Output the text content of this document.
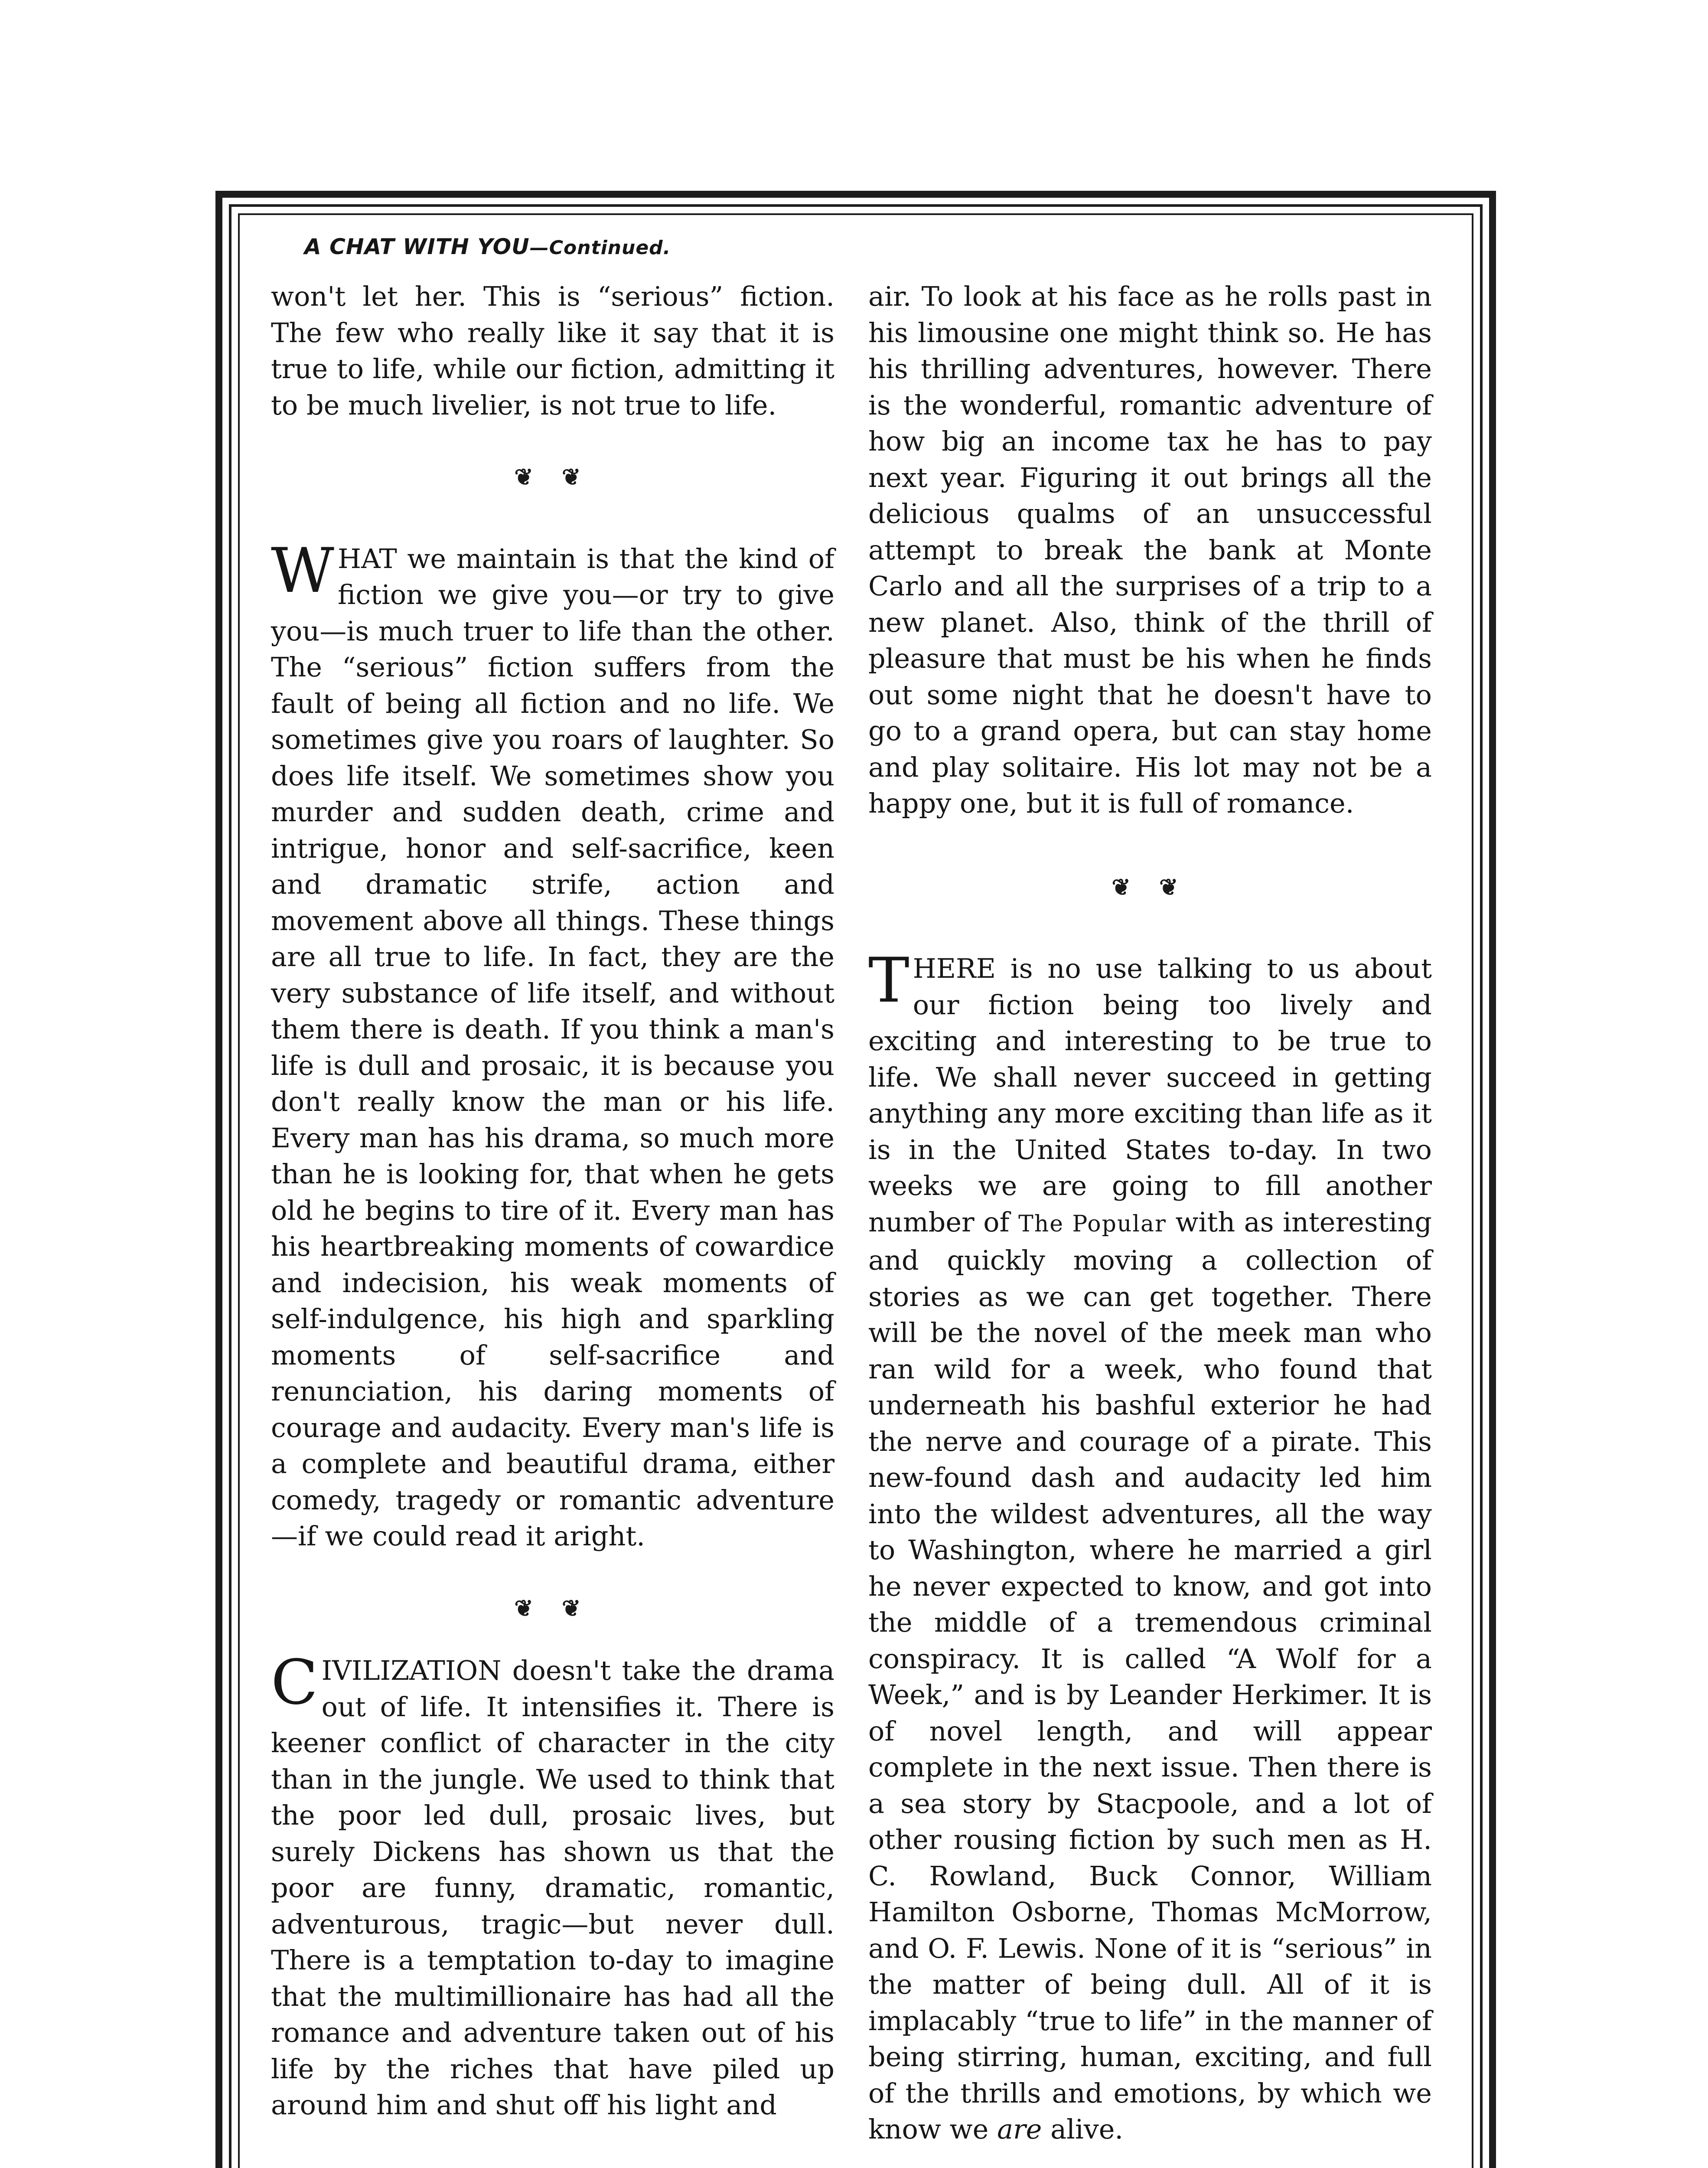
A CHAT WITH YOU—Continued.

won't let her. This is “serious” fiction. The few who really like it say that it is true to life, while our fiction, admitting it to be much livelier, is not true to life.

❦ ❦

WHAT we maintain is that the kind of fiction we give you—or try to give you—is much truer to life than the other. The “serious” fiction suffers from the fault of being all fiction and no life. We sometimes give you roars of laughter. So does life itself. We sometimes show you murder and sudden death, crime and intrigue, honor and self-sacrifice, keen and dramatic strife, action and movement above all things. These things are all true to life. In fact, they are the very substance of life itself, and without them there is death. If you think a man's life is dull and prosaic, it is because you don't really know the man or his life. Every man has his drama, so much more than he is looking for, that when he gets old he begins to tire of it. Every man has his heartbreaking moments of cowardice and indecision, his weak moments of self-indulgence, his high and sparkling moments of self-sacrifice and renunciation, his daring moments of courage and audacity. Every man's life is a complete and beautiful drama, either comedy, tragedy or romantic adventure—if we could read it aright.

❦ ❦

CIVILIZATION doesn't take the drama out of life. It intensifies it. There is keener conflict of character in the city than in the jungle. We used to think that the poor led dull, prosaic lives, but surely Dickens has shown us that the poor are funny, dramatic, romantic, adventurous, tragic—but never dull. There is a temptation to-day to imagine that the multimillionaire has had all the romance and adventure taken out of his life by the riches that have piled up around him and shut off his light and

air. To look at his face as he rolls past in his limousine one might think so. He has his thrilling adventures, however. There is the wonderful, romantic adventure of how big an income tax he has to pay next year. Figuring it out brings all the delicious qualms of an unsuccessful attempt to break the bank at Monte Carlo and all the surprises of a trip to a new planet. Also, think of the thrill of pleasure that must be his when he finds out some night that he doesn't have to go to a grand opera, but can stay home and play solitaire. His lot may not be a happy one, but it is full of romance.

❦ ❦

THERE is no use talking to us about our fiction being too lively and exciting and interesting to be true to life. We shall never succeed in getting anything any more exciting than life as it is in the United States to-day. In two weeks we are going to fill another number of The Popular with as interesting and quickly moving a collection of stories as we can get together. There will be the novel of the meek man who ran wild for a week, who found that underneath his bashful exterior he had the nerve and courage of a pirate. This new-found dash and audacity led him into the wildest adventures, all the way to Washington, where he married a girl he never expected to know, and got into the middle of a tremendous criminal conspiracy. It is called “A Wolf for a Week,” and is by Leander Herkimer. It is of novel length, and will appear complete in the next issue. Then there is a sea story by Stacpoole, and a lot of other rousing fiction by such men as H. C. Rowland, Buck Connor, William Hamilton Osborne, Thomas McMorrow, and O. F. Lewis. None of it is “serious” in the matter of being dull. All of it is implacably “true to life” in the manner of being stirring, human, exciting, and full of the thrills and emotions, by which we know we are alive.
